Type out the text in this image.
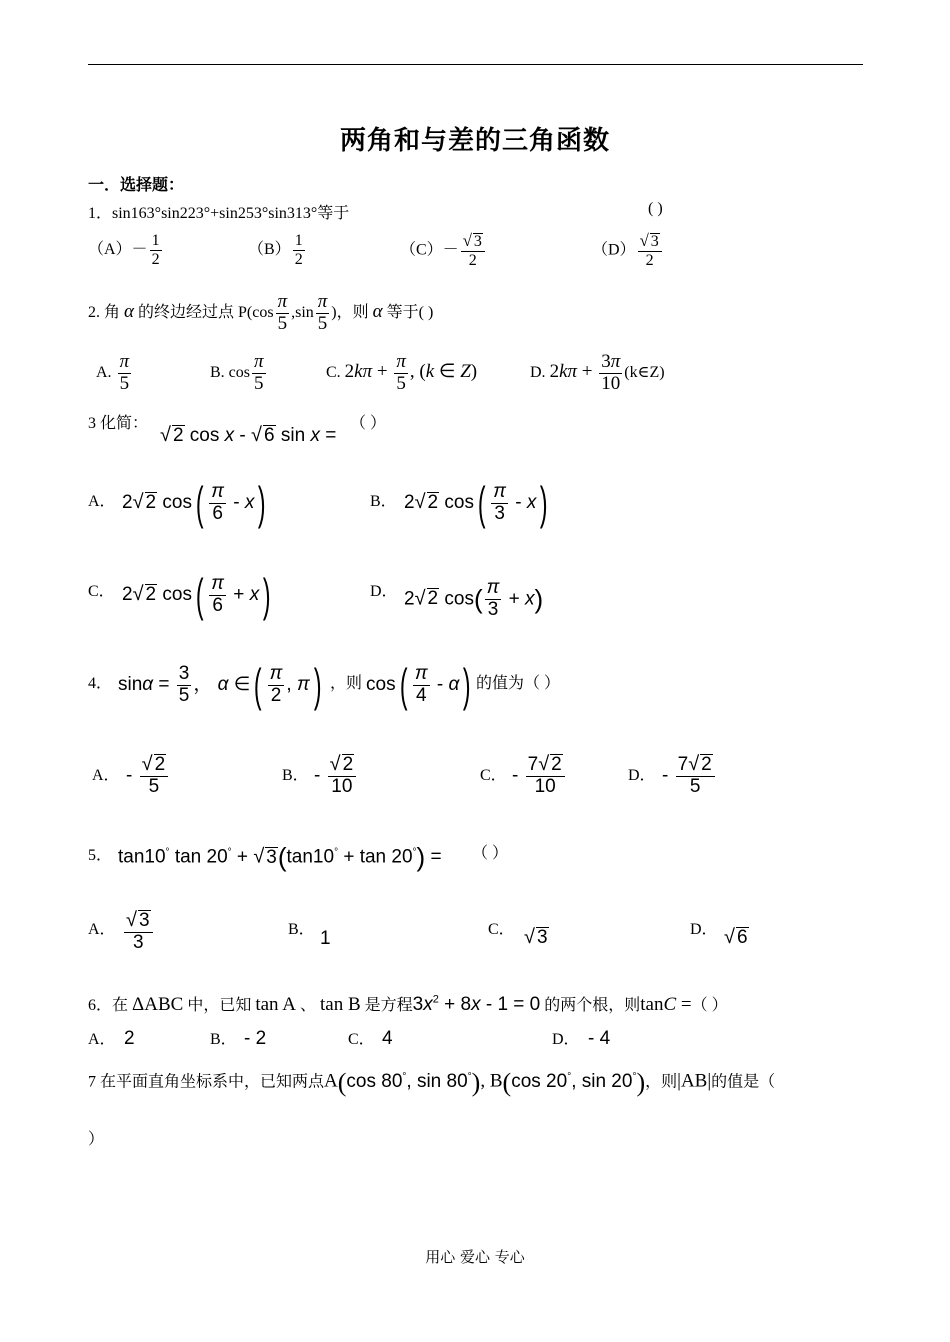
两角和与差的三角函数
一．选择题：
1．sin163°sin223°+sin253°sin313°等于	( )
$(A)- \frac{1}{2}$	$(B) \frac{1}{2}$	$(C)- \frac{√ 3}{2}$	$(D) \frac{√ 3}{2}$
2. 角 α 的终边经过点 $P(\cos \frac{\pi}{5} ,\sin \frac{\pi}{5}$ )，则 α 等于( )
A. $\frac{\pi}{5}$	B. $\cos \frac{\pi}{5}$	C. $2k\pi + \frac{\pi}{5}$ , (k ∈ Z)	D. $2k\pi + \frac{3\pi}{10}$ (k∈Z)
3 化简：
√ 2 cos x - √ 6 sin x =
（ ）
A． 2√ 2 $\cos( \frac{\pi}{6} - x)$	B． 2√ 2 $\cos( \frac{\pi}{3} - x)$
C． 2√ 2 $\cos( \frac{\pi}{6} + x)$	D． 2√ 2 $\cos( \frac{\pi}{3} + x)$
4． $\sin\alpha = \frac{3}{5}$ ， α ∈( $\frac{\pi}{2}$ , π) ，则 $\cos( \frac{\pi}{4} - \alpha)$ 的值为（ ）
A． - $\frac{√ 2}{5}$	B． - $\frac{√ 2}{10}$	C． - $\frac{7√ 2}{10}$	D． - $\frac{7√ 2}{5}$
5． tan10° tan 20° + √ 3(tan10° + tan 20°) = （ ）
A． $\frac{√ 3}{3}$	B． 1	C． √ 3	D． √ 6
6．在 ΔABC 中，已知 tan A 、 tan B 是方程$3x^2 + 8x - 1 = 0$ 的两个根，则tanC =（ ）
A． 2	B． - 2	C． 4	D． - 4
7 在平面直角坐标系中，已知两点A(cos 80°, sin 80°), B(cos 20°, sin 20°)，则|AB|的值是（
）
用心 爱心 专心
